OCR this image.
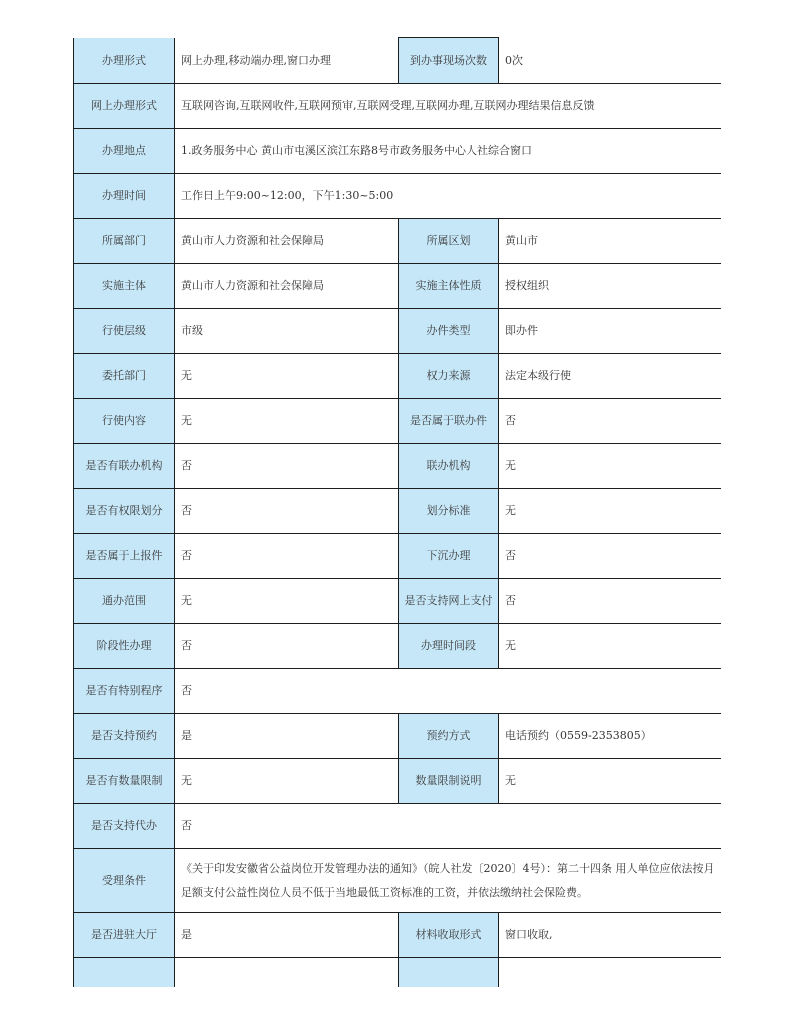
办理形式	网上办理,移动端办理,窗口办理	到办事现场次数	0次
网上办理形式	互联网咨询,互联网收件,互联网预审,互联网受理,互联网办理,互联网办理结果信息反馈		
办理地点	1.政务服务中心 黄山市屯溪区滨江东路8号市政务服务中心人社综合窗口		
办理时间	工作日上午9:00~12:00，下午1:30~5:00		
所属部门	黄山市人力资源和社会保障局	所属区划	黄山市
实施主体	黄山市人力资源和社会保障局	实施主体性质	授权组织
行使层级	市级	办件类型	即办件
委托部门	无	权力来源	法定本级行使
行使内容	无	是否属于联办件	否
是否有联办机构	否	联办机构	无
是否有权限划分	否	划分标准	无
是否属于上报件	否	下沉办理	否
通办范围	无	是否支持网上支付	否
阶段性办理	否	办理时间段	无
是否有特别程序	否		
是否支持预约	是	预约方式	电话预约（0559-2353805）
是否有数量限制	无	数量限制说明	无
是否支持代办	否		
受理条件	《关于印发安徽省公益岗位开发管理办法的通知》（皖人社发〔2020〕4号）：第二十四条 用人单位应依法按月足额支付公益性岗位人员不低于当地最低工资标准的工资，并依法缴纳社会保险费。		
是否进驻大厅	是	材料收取形式	窗口收取,
